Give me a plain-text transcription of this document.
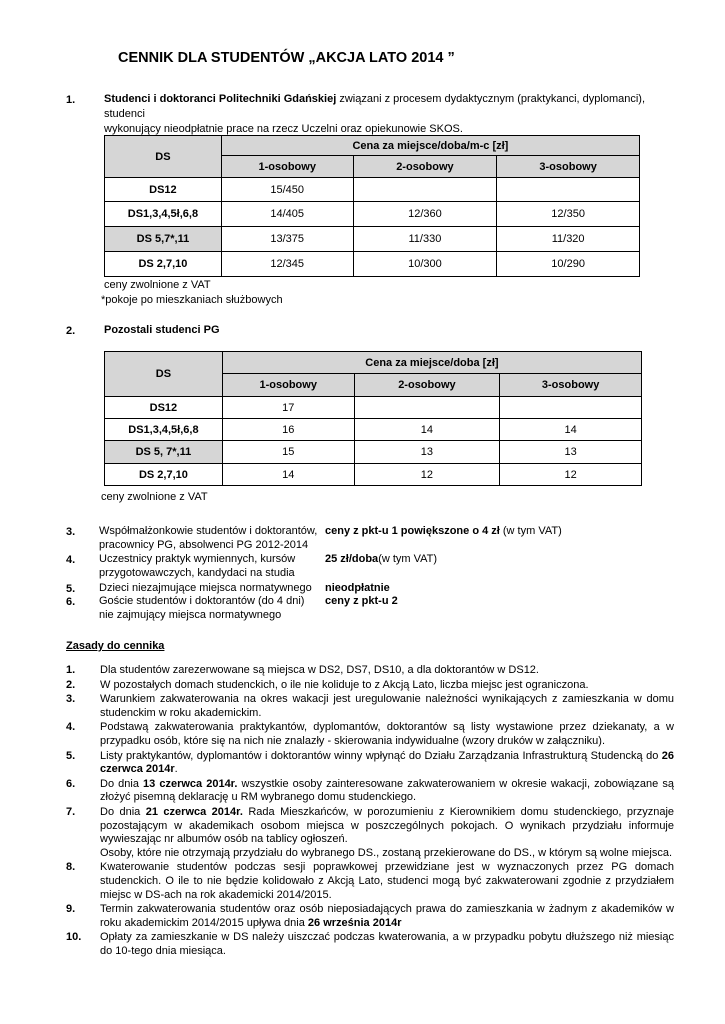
CENNIK DLA STUDENTÓW „AKCJA LATO 2014 ”
1.	Studenci i doktoranci Politechniki Gdańskiej związani z procesem dydaktycznym (praktykanci, dyplomanci), studenci
wykonujący nieodpłatnie prace na rzecz Uczelni oraz opiekunowie SKOS.
DS	Cena za miejsce/doba/m-c [zł]		
	1-osobowy	2-osobowy	3-osobowy
DS12	15/450		
DS1,3,4,5ł,6,8	14/405	12/360	12/350
DS 5,7*,11	13/375	11/330	11/320
DS 2,7,10	12/345	10/300	10/290
ceny zwolnione z VAT
*pokoje po mieszkaniach służbowych
2.	Pozostali studenci PG
DS	Cena za miejsce/doba [zł]		
	1-osobowy	2-osobowy	3-osobowy
DS12	17		
DS1,3,4,5ł,6,8	16	14	14
DS 5, 7*,11	15	13	13
DS 2,7,10	14	12	12
ceny zwolnione z VAT
3. Współmałżonkowie studentów i doktorantów,
pracownicy PG, absolwenci PG 2012-2014
ceny z pkt-u 1 powiększone o 4 zł (w tym VAT)
4. Uczestnicy praktyk wymiennych, kursów
przygotowawczych, kandydaci na studia
25 zł/doba(w tym VAT)
5. Dzieci niezajmujące miejsca normatywnego nieodpłatnie
6. Goście studentów i doktorantów (do 4 dni)
nie zajmujący miejsca normatywnego
ceny z pkt-u 2
Zasady do cennika
1.	Dla studentów zarezerwowane są miejsca w DS2, DS7, DS10, a dla doktorantów w DS12.
2.	W pozostałych domach studenckich, o ile nie koliduje to z Akcją Lato, liczba miejsc jest ograniczona.
3.	Warunkiem zakwaterowania na okres wakacji jest uregulowanie należności wynikających z zamieszkania w domu studenckim w roku akademickim.
4.	Podstawą zakwaterowania praktykantów, dyplomantów, doktorantów są listy wystawione przez dziekanaty, a w przypadku osób, które się na nich nie znalazły - skierowania indywidualne (wzory druków w załączniku).
5.	Listy praktykantów, dyplomantów i doktorantów winny wpłynąć do Działu Zarządzania Infrastrukturą Studencką do 26 czerwca 2014r.
6.	Do dnia 13 czerwca 2014r. wszystkie osoby zainteresowane zakwaterowaniem w okresie wakacji, zobowiązane są złożyć pisemną deklarację u RM wybranego domu studenckiego.
7.	Do dnia 21 czerwca 2014r. Rada Mieszkańców, w porozumieniu z Kierownikiem domu studenckiego, przyznaje pozostającym w akademikach osobom miejsca w poszczególnych pokojach. O wynikach przydziału informuje wywieszając nr albumów osób na tablicy ogłoszeń.
Osoby, które nie otrzymają przydziału do wybranego DS., zostaną przekierowane do DS., w którym są wolne miejsca.
8.	Kwaterowanie studentów podczas sesji poprawkowej przewidziane jest w wyznaczonych przez PG domach studenckich. O ile to nie będzie kolidowało z Akcją Lato, studenci mogą być zakwaterowani zgodnie z przydziałem miejsc w DS-ach na rok akademicki 2014/2015.
9.	Termin zakwaterowania studentów oraz osób nieposiadających prawa do zamieszkania w żadnym z akademików w roku akademickim 2014/2015 upływa dnia 26 września 2014r
10.	Opłaty za zamieszkanie w DS należy uiszczać podczas kwaterowania, a w przypadku pobytu dłuższego niż miesiąc do 10-tego dnia miesiąca.
